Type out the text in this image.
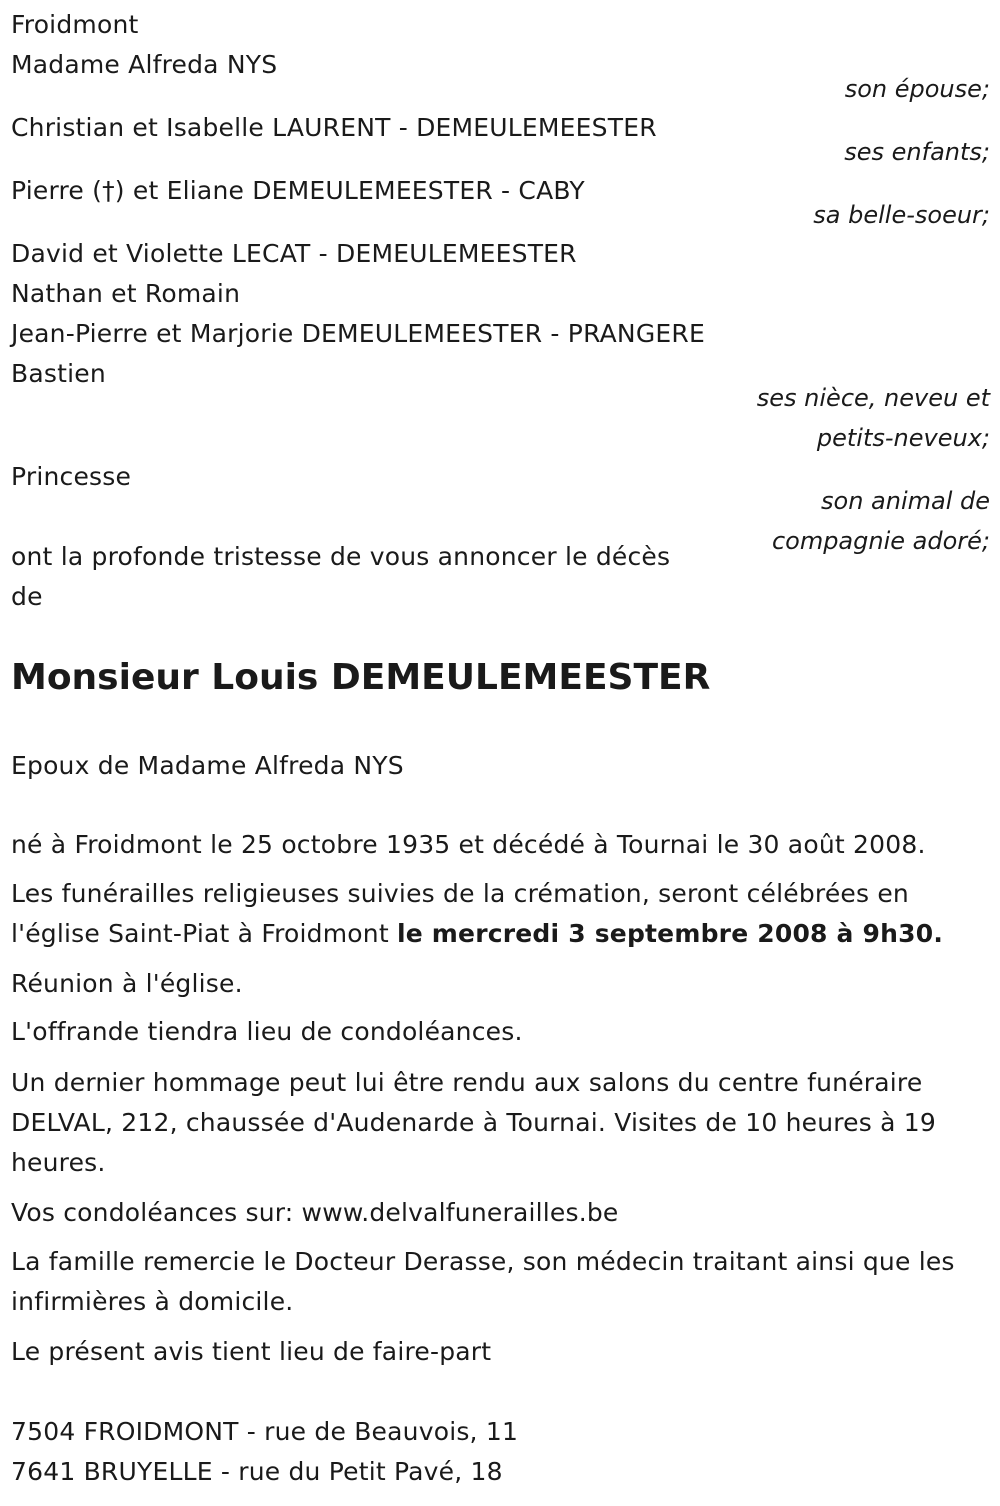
Froidmont
Madame Alfreda NYS
son épouse;
Christian et Isabelle LAURENT - DEMEULEMEESTER
ses enfants;
Pierre (†) et Eliane DEMEULEMEESTER - CABY
sa belle-soeur;
David et Violette LECAT - DEMEULEMEESTER
Nathan et Romain
Jean-Pierre et Marjorie DEMEULEMEESTER - PRANGERE
Bastien
ses nièce, neveu et
petits-neveux;
Princesse
son animal de
compagnie adoré;
ont la profonde tristesse de vous annoncer le décès
de
Monsieur Louis DEMEULEMEESTER
Epoux de Madame Alfreda NYS
né à Froidmont le 25 octobre 1935 et décédé à Tournai le 30 août 2008.
Les funérailles religieuses suivies de la crémation, seront célébrées en l'église Saint-Piat à Froidmont le mercredi 3 septembre 2008 à 9h30.
Réunion à l'église.
L'offrande tiendra lieu de condoléances.
Un dernier hommage peut lui être rendu aux salons du centre funéraire DELVAL, 212, chaussée d'Audenarde à Tournai. Visites de 10 heures à 19 heures.
Vos condoléances sur: www.delvalfunerailles.be
La famille remercie le Docteur Derasse, son médecin traitant ainsi que les infirmières à domicile.
Le présent avis tient lieu de faire-part
7504 FROIDMONT - rue de Beauvois, 11
7641 BRUYELLE - rue du Petit Pavé, 18
